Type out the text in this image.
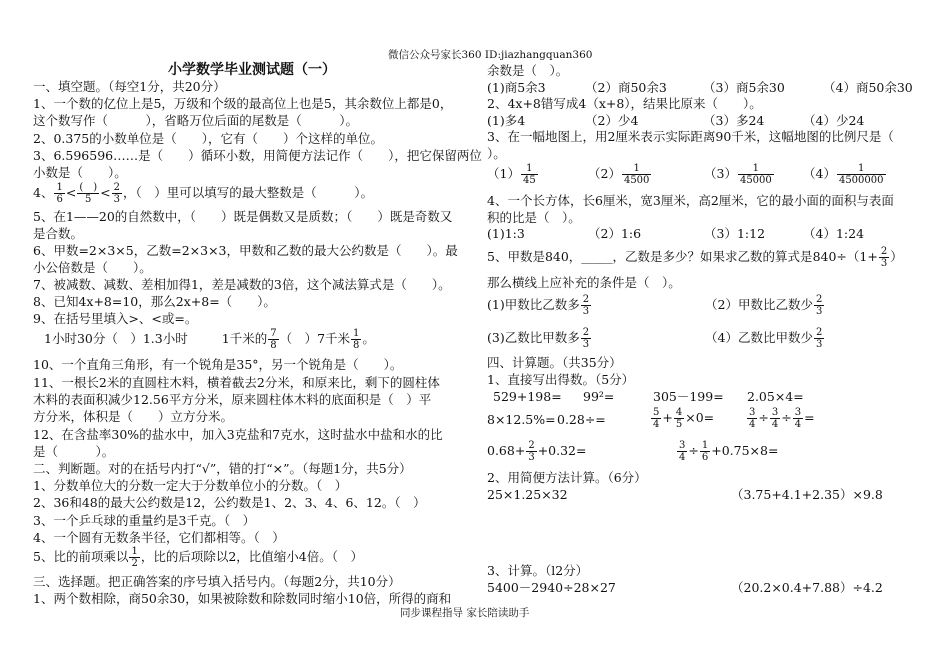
微信公众号家长360 ID:jiazhangquan360
小学数学毕业测试题（一）
一、填空题。（每空1分，共20分）
1、一个数的亿位上是5，万级和个级的最高位上也是5，其余数位上都是0，
这个数写作（　　　），省略万位后面的尾数是（　　　）。
2、0.375的小数单位是（　　），它有（　　）个这样的单位。
3、6.596596……是（　　）循环小数，用简便方法记作（　　），把它保留两位
小数是（　　）。
4、 $\frac{1}{6} < \frac{( )}{5} < \frac{2}{3}$ ，（　）里可以填写的最大整数是（　　　）。
5、在1——20的自然数中，（　　）既是偶数又是质数；（　　）既是奇数又
是合数。
6、甲数=2×3×5，乙数=2×3×3，甲数和乙数的最大公约数是（　　）。最
小公倍数是（　　）。
7、被减数、减数、差相加得1，差是减数的3倍，这个减法算式是（　　）。
8、已知4x+8=10，那么2x+8=（　　）。
9、在括号里填入>、<或=。
1小时30分（　）1.3小时	1千米的 $\frac{7}{8}$ （　）7千米 $\frac{1}{8}$ 。
10、一个直角三角形，有一个锐角是35°，另一个锐角是（　　）。
11、一根长2米的直圆柱木料，横着截去2分米，和原来比，剩下的圆柱体
木料的表面积减少12.56平方分米，原来圆柱体木料的底面积是（　）平
方分米，体积是（　　）立方分米。
12、在含盐率30%的盐水中，加入3克盐和7克水，这时盐水中盐和水的比
是（　　　）。
二、判断题。对的在括号内打“√”，错的打“×”。（每题1分，共5分）
1、分数单位大的分数一定大于分数单位小的分数。（　）
2、36和48的最大公约数是12，公约数是1、2、3、4、6、12。（　）
3、一个乒乓球的重量约是3千克。（　）
4、一个圆有无数条半径，它们都相等。（　）
5、比的前项乘以 $\frac{1}{2}$ ，比的后项除以2，比值缩小4倍。（　）
三、选择题。把正确答案的序号填入括号内。（每题2分，共10分）
1、两个数相除，商50余30，如果被除数和除数同时缩小10倍，所得的商和
余数是（　）。
(1)商5余3	（2）商50余3	（3）商5余30	（4）商50余30
2、4x+8错写成4（x+8），结果比原来（　　）。
(1)多4	（2）少4	（3）多24	（4）少24
3、在一幅地图上，用2厘米表示实际距离90千米，这幅地图的比例尺是（
）。
$(1) \frac{1}{45}$	$(2) \frac{1}{4500}$	$(3) \frac{1}{45000} (4) \frac{1}{4500000}$
4、一个长方体，长6厘米，宽3厘米，高2厘米，它的最小面的面积与表面
积的比是（　）。
(1)1:3	（2）1:6	（3）1:12	（4）1:24
5、甲数是840，_____，乙数是多少？如果求乙数的算式是$840\div(1+ \frac{2}{3}$ ）
那么横线上应补充的条件是（　）。
(1)甲数比乙数多 $\frac{2}{3}$	（2）甲数比乙数少 $\frac{2}{3}$
(3)乙数比甲数多 $\frac{2}{3}$	（4）乙数比甲数少 $\frac{2}{3}$
四、计算题。（共35分）
1、直接写出得数。（5分）
529+198= 99²=	305－199= 2.05×4=
8×12.5%= 0.28÷=	$\frac{5}{4} + \frac{4}{5} \times 0=$	$\frac{3}{4} \div \frac{3}{4} \div \frac{3}{4}$ =
$0.68+ \frac{2}{3} +0.32=$	$\frac{3}{4} \div \frac{1}{6} +0.75\times 8=$
2、用简便方法计算。（6分）
25×1.25×32	（3.75+4.1+2.35）×9.8
3、计算。（l2分）
5400－2940÷28×27	（20.2×0.4+7.88）÷4.2
同步课程指导 家长陪读助手
